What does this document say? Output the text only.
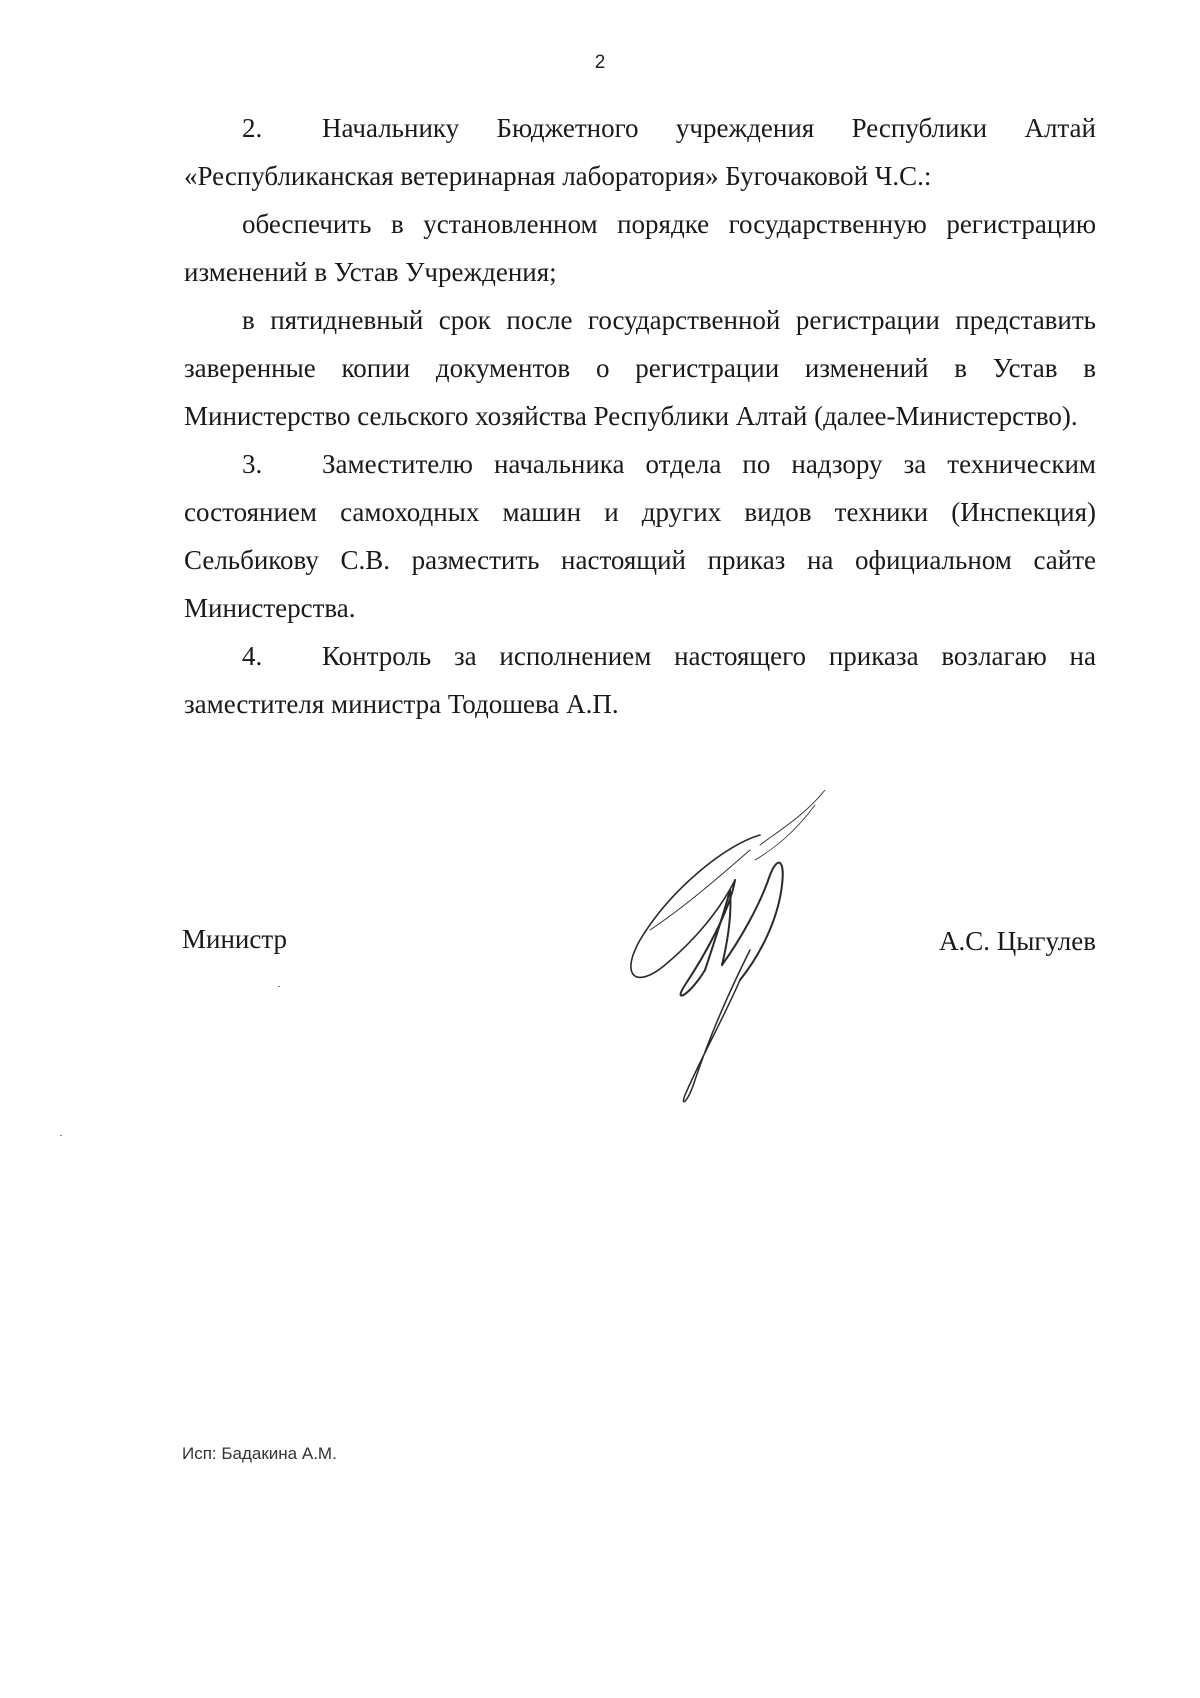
2

2. Начальнику Бюджетного учреждения Республики Алтай «Республиканская ветеринарная лаборатория» Бугочаковой Ч.С.:

обеспечить в установленном порядке государственную регистрацию изменений в Устав Учреждения;

в пятидневный срок после государственной регистрации представить заверенные копии документов о регистрации изменений в Устав в Министерство сельского хозяйства Республики Алтай (далее-Министерство).

3. Заместителю начальника отдела по надзору за техническим состоянием самоходных машин и других видов техники (Инспекция) Сельбикову С.В. разместить настоящий приказ на официальном сайте Министерства.

4. Контроль за исполнением настоящего приказа возлагаю на заместителя министра Тодошева А.П.

Министр	А.С. Цыгулев
Исп: Бадакина А.М.
